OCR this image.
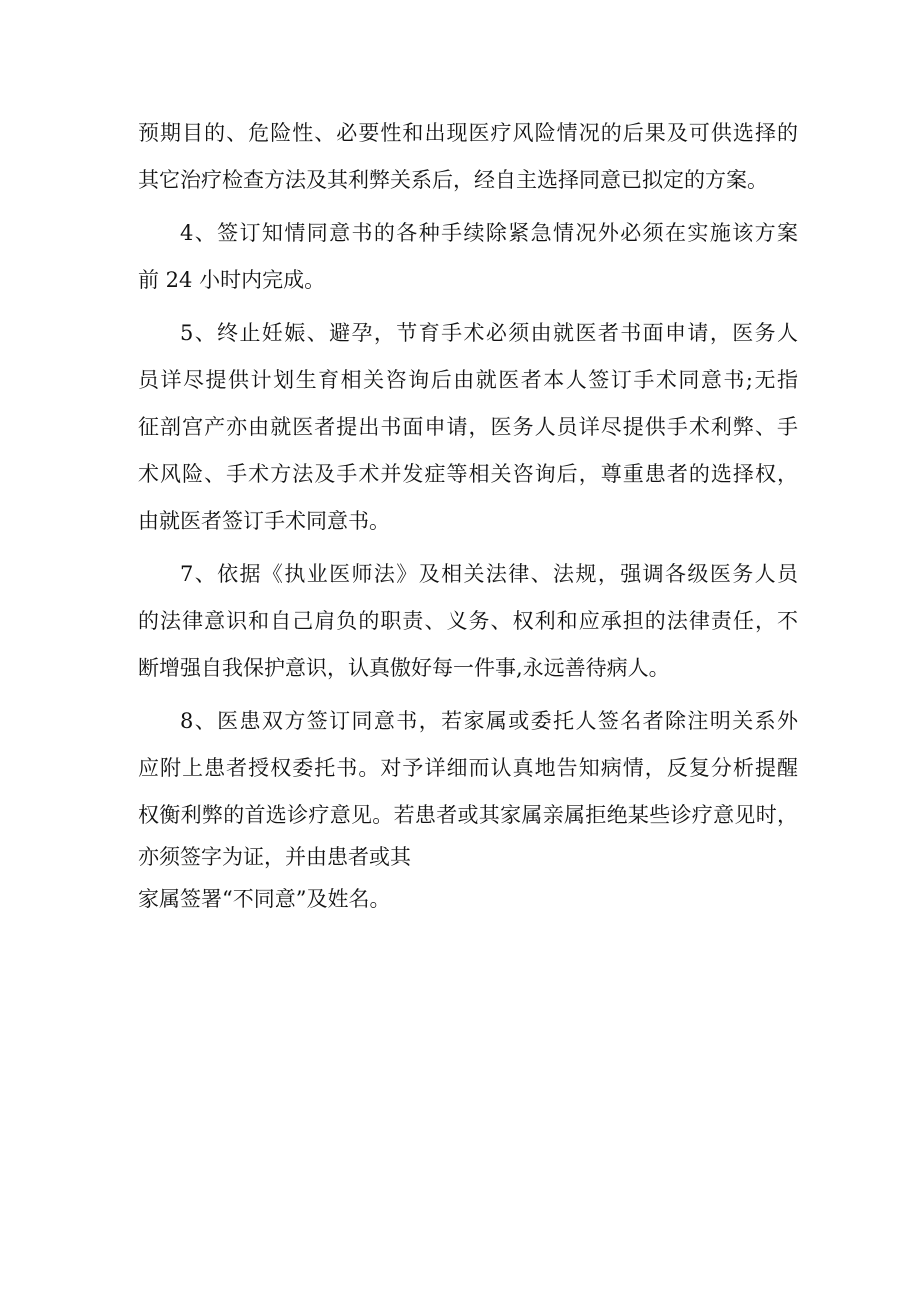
预期目的、危险性、必要性和出现医疗风险情况的后果及可供选择的
其它治疗检查方法及其利弊关系后，经自主选择同意已拟定的方案。
4、签订知情同意书的各种手续除紧急情况外必须在实施该方案
前 24 小时内完成。
5、终止妊娠、避孕，节育手术必须由就医者书面申请，医务人
员详尽提供计划生育相关咨询后由就医者本人签订手术同意书;无指
征剖宫产亦由就医者提出书面申请，医务人员详尽提供手术利弊、手
术风险、手术方法及手术并发症等相关咨询后，尊重患者的选择权，
由就医者签订手术同意书。
7、依据《执业医师法》及相关法律、法规，强调各级医务人员
的法律意识和自己肩负的职责、义务、权利和应承担的法律责任，不
断增强自我保护意识，认真傲好每一件事,永远善待病人。
8、医患双方签订同意书，若家属或委托人签名者除注明关系外
应附上患者授权委托书。对予详细而认真地告知病情，反复分析提醒
权衡利弊的首选诊疗意见。若患者或其家属亲属拒绝某些诊疗意见时，
亦须签字为证，并由患者或其
家属签署“不同意”及姓名。
